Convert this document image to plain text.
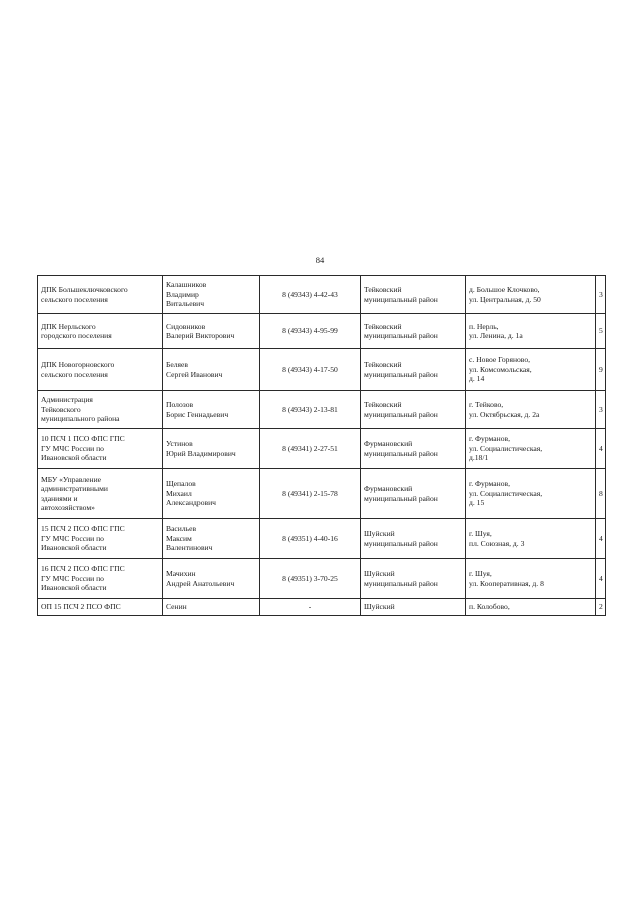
84
ДПК Большеключковского
сельского поселения	Калашников
Владимир
Витальевич	8 (49343) 4-42-43	Тейковский
муниципальный район	д. Большое Клочково,
ул. Центральная, д. 50	3

ДПК Нерльского
городского поселения	Сидовников
Валерий Викторович	8 (49343) 4-95-99	Тейковский
муниципальный район	п. Нерль,
ул. Ленина, д. 1а	5

ДПК Новогорновского
сельского поселения	Беляев
Сергей Иванович	8 (49343) 4-17-50	Тейковский
муниципальный район	с. Новое Горяново,
ул. Комсомольская,
д. 14	9

Администрация
Тейковского
муниципального района	Полозов
Борис Геннадьевич	8 (49343) 2-13-81	Тейковский
муниципальный район	г. Тейково,
ул. Октябрьская, д. 2а	3

10 ПСЧ 1 ПСО ФПС ГПС
ГУ МЧС России по
Ивановской области	Устинов
Юрий Владимирович	8 (49341) 2-27-51	Фурмановский
муниципальный район	г. Фурманов,
ул. Социалистическая,
д.18/1	4

МБУ «Управление
административными
зданиями и
автохозяйством»	Щепалов
Михаил
Александрович	8 (49341) 2-15-78	Фурмановский
муниципальный район	г. Фурманов,
ул. Социалистическая,
д. 15	8

15 ПСЧ 2 ПСО ФПС ГПС
ГУ МЧС России по
Ивановской области	Васильев
Максим
Валентинович	8 (49351) 4-40-16	Шуйский
муниципальный район	г. Шуя,
пл. Союзная, д. 3	4

16 ПСЧ 2 ПСО ФПС ГПС
ГУ МЧС России по
Ивановской области	Мачихин
Андрей Анатольевич	8 (49351) 3-70-25	Шуйский
муниципальный район	г. Шуя,
ул. Кооперативная, д. 8	4

ОП 15 ПСЧ 2 ПСО ФПС	Сенин	-	Шуйский	п. Колобово,	2
